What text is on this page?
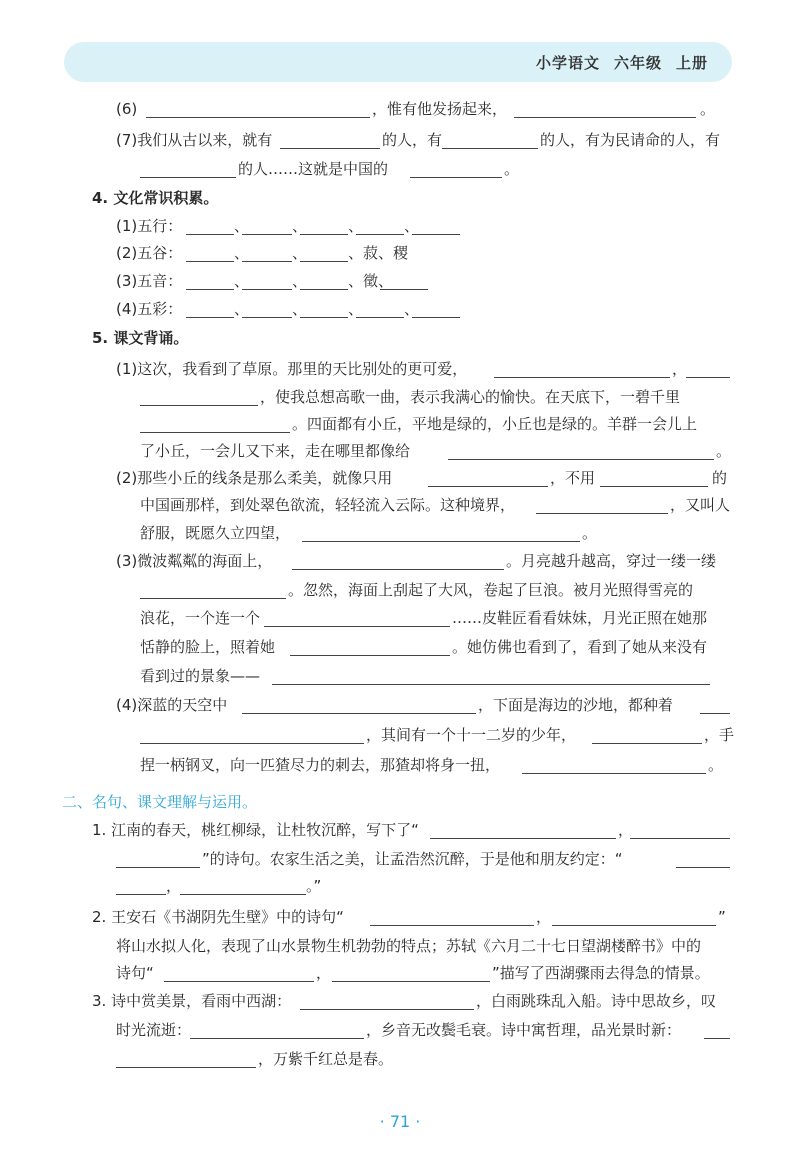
小学语文 六年级 上册
(6)	，惟有他发扬起来，	。
(7)我们从古以来，就有	的人，有	的人，有为民请命的人，有
的人……这就是中国的	。
4. 文化常识积累。
(1)五行：	、	、	、	、
(2)五谷：	、	、	、菽、稷
(3)五音：	、	、	、徵、
(4)五彩：	、	、	、	、
5. 课文背诵。
(1)这次，我看到了草原。那里的天比别处的更可爱，	，
，使我总想高歌一曲，表示我满心的愉快。在天底下，一碧千里
。四面都有小丘，平地是绿的，小丘也是绿的。羊群一会儿上
了小丘，一会儿又下来，走在哪里都像给	。
(2)那些小丘的线条是那么柔美，就像只用	，不用	的
中国画那样，到处翠色欲流，轻轻流入云际。这种境界，	，又叫人
舒服，既愿久立四望，	。
(3)微波粼粼的海面上，	。月亮越升越高，穿过一缕一缕
。忽然，海面上刮起了大风，卷起了巨浪。被月光照得雪亮的
浪花，一个连一个	……皮鞋匠看看妹妹，月光正照在她那
恬静的脸上，照着她	。她仿佛也看到了，看到了她从来没有
看到过的景象——
(4)深蓝的天空中	，下面是海边的沙地，都种着
，其间有一个十一二岁的少年，	，手
捏一柄钢叉，向一匹猹尽力的刺去，那猹却将身一扭，	。
二、名句、课文理解与运用。
1. 江南的春天，桃红柳绿，让杜牧沉醉，写下了“	，
”的诗句。农家生活之美，让孟浩然沉醉，于是他和朋友约定：“
，	。”
2. 王安石《书湖阴先生壁》中的诗句“	，	”
将山水拟人化，表现了山水景物生机勃勃的特点；苏轼《六月二十七日望湖楼醉书》中的
诗句“	，	”描写了西湖骤雨去得急的情景。
3. 诗中赏美景，看雨中西湖：	，白雨跳珠乱入船。诗中思故乡，叹
时光流逝：	，乡音无改鬓毛衰。诗中寓哲理，品光景时新：
，万紫千红总是春。
· 71 ·
